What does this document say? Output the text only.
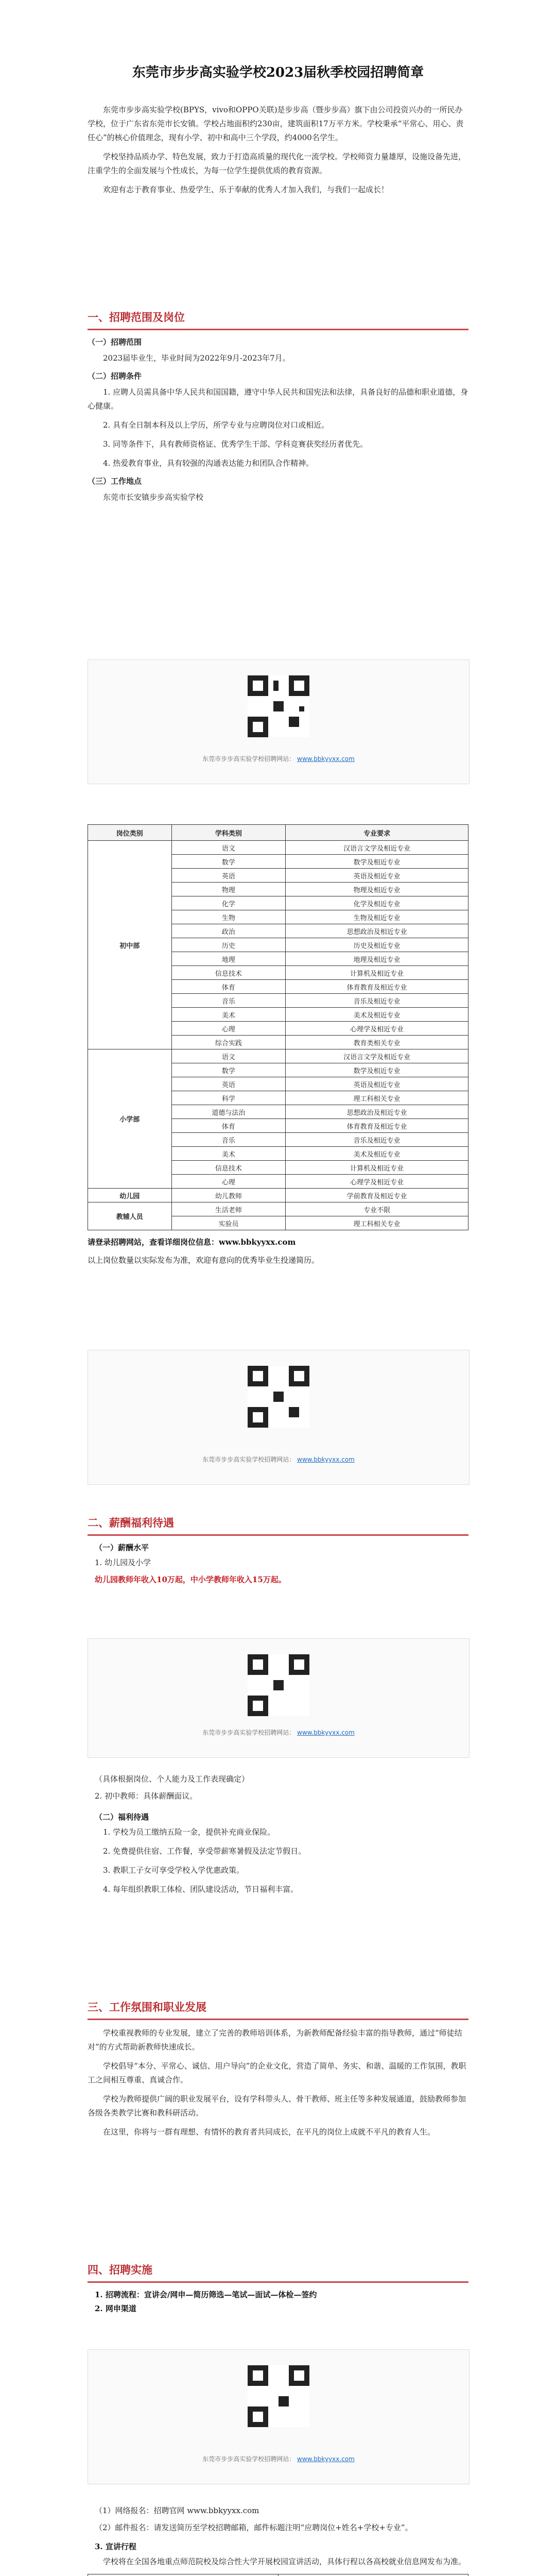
东莞市步步高实验学校2023届秋季校园招聘简章

东莞市步步高实验学校(BPYS，vivo和OPPO关联)是步步高（暨步步高）旗下由公司投资兴办的一所民办学校，位于广东省东莞市长安镇。学校占地面积约230亩，建筑面积17万平方米。学校秉承“平常心、用心、责任心”的核心价值理念，现有小学、初中和高中三个学段，约4000名学生。

学校坚持品质办学、特色发展，致力于打造高质量的现代化一流学校。学校师资力量雄厚，设施设备先进，注重学生的全面发展与个性成长，为每一位学生提供优质的教育资源。

欢迎有志于教育事业、热爱学生、乐于奉献的优秀人才加入我们，与我们一起成长！

一、招聘范围及岗位
（一）招聘范围

2023届毕业生，毕业时间为2022年9月-2023年7月。

（二）招聘条件

1. 应聘人员需具备中华人民共和国国籍，遵守中华人民共和国宪法和法律，具备良好的品德和职业道德，身心健康。

2. 具有全日制本科及以上学历，所学专业与应聘岗位对口或相近。

3. 同等条件下，具有教师资格证、优秀学生干部、学科竞赛获奖经历者优先。

4. 热爱教育事业，具有较强的沟通表达能力和团队合作精神。

（三）工作地点

东莞市长安镇步步高实验学校

东莞市步步高实验学校招聘网站： www.bbkyyxx.com
岗位类别	学科类别	专业要求
初中部	语文	汉语言文学及相近专业
	数学	数学及相近专业
	英语	英语及相近专业
	物理	物理及相近专业
	化学	化学及相近专业
	生物	生物及相近专业
	政治	思想政治及相近专业
	历史	历史及相近专业
	地理	地理及相近专业
	信息技术	计算机及相近专业
	体育	体育教育及相近专业
	音乐	音乐及相近专业
	美术	美术及相近专业
	心理	心理学及相近专业
	综合实践	教育类相关专业
小学部	语文	汉语言文学及相近专业
	数学	数学及相近专业
	英语	英语及相近专业
	科学	理工科相关专业
	道德与法治	思想政治及相近专业
	体育	体育教育及相近专业
	音乐	音乐及相近专业
	美术	美术及相近专业
	信息技术	计算机及相近专业
	心理	心理学及相近专业
幼儿园	幼儿教师	学前教育及相近专业
教辅人员	生活老师	专业不限
	实验员	理工科相关专业
请登录招聘网站，查看详细岗位信息：www.bbkyyxx.com
以上岗位数量以实际发布为准，欢迎有意向的优秀毕业生投递简历。
东莞市步步高实验学校招聘网站： www.bbkyyxx.com
二、薪酬福利待遇
（一）薪酬水平
1. 幼儿园及小学
幼儿园教师年收入10万起，中小学教师年收入15万起。
东莞市步步高实验学校招聘网站： www.bbkyyxx.com
（具体根据岗位、个人能力及工作表现确定）
2. 初中教师：具体薪酬面议。
（二）福利待遇

1. 学校为员工缴纳五险一金，提供补充商业保险。

2. 免费提供住宿、工作餐，享受带薪寒暑假及法定节假日。

3. 教职工子女可享受学校入学优惠政策。

4. 每年组织教职工体检、团队建设活动，节日福利丰富。

三、工作氛围和职业发展

学校重视教师的专业发展，建立了完善的教师培训体系，为新教师配备经验丰富的指导教师，通过“师徒结对”的方式帮助新教师快速成长。

学校倡导“本分、平常心、诚信、用户导向”的企业文化，营造了简单、务实、和谐、温暖的工作氛围，教职工之间相互尊重、真诚合作。

学校为教师提供广阔的职业发展平台，设有学科带头人、骨干教师、班主任等多种发展通道，鼓励教师参加各级各类教学比赛和教科研活动。

在这里，你将与一群有理想、有情怀的教育者共同成长，在平凡的岗位上成就不平凡的教育人生。

四、招聘实施
1. 招聘流程：宣讲会/网申—简历筛选—笔试—面试—体检—签约
2. 网申渠道
东莞市步步高实验学校招聘网站： www.bbkyyxx.com
（1）网络报名：招聘官网 www.bbkyyxx.com
（2）邮件报名：请发送简历至学校招聘邮箱，邮件标题注明“应聘岗位+姓名+学校+专业”。
3. 宣讲行程

学校将在全国各地重点师范院校及综合性大学开展校园宣讲活动，具体行程以各高校就业信息网发布为准。
